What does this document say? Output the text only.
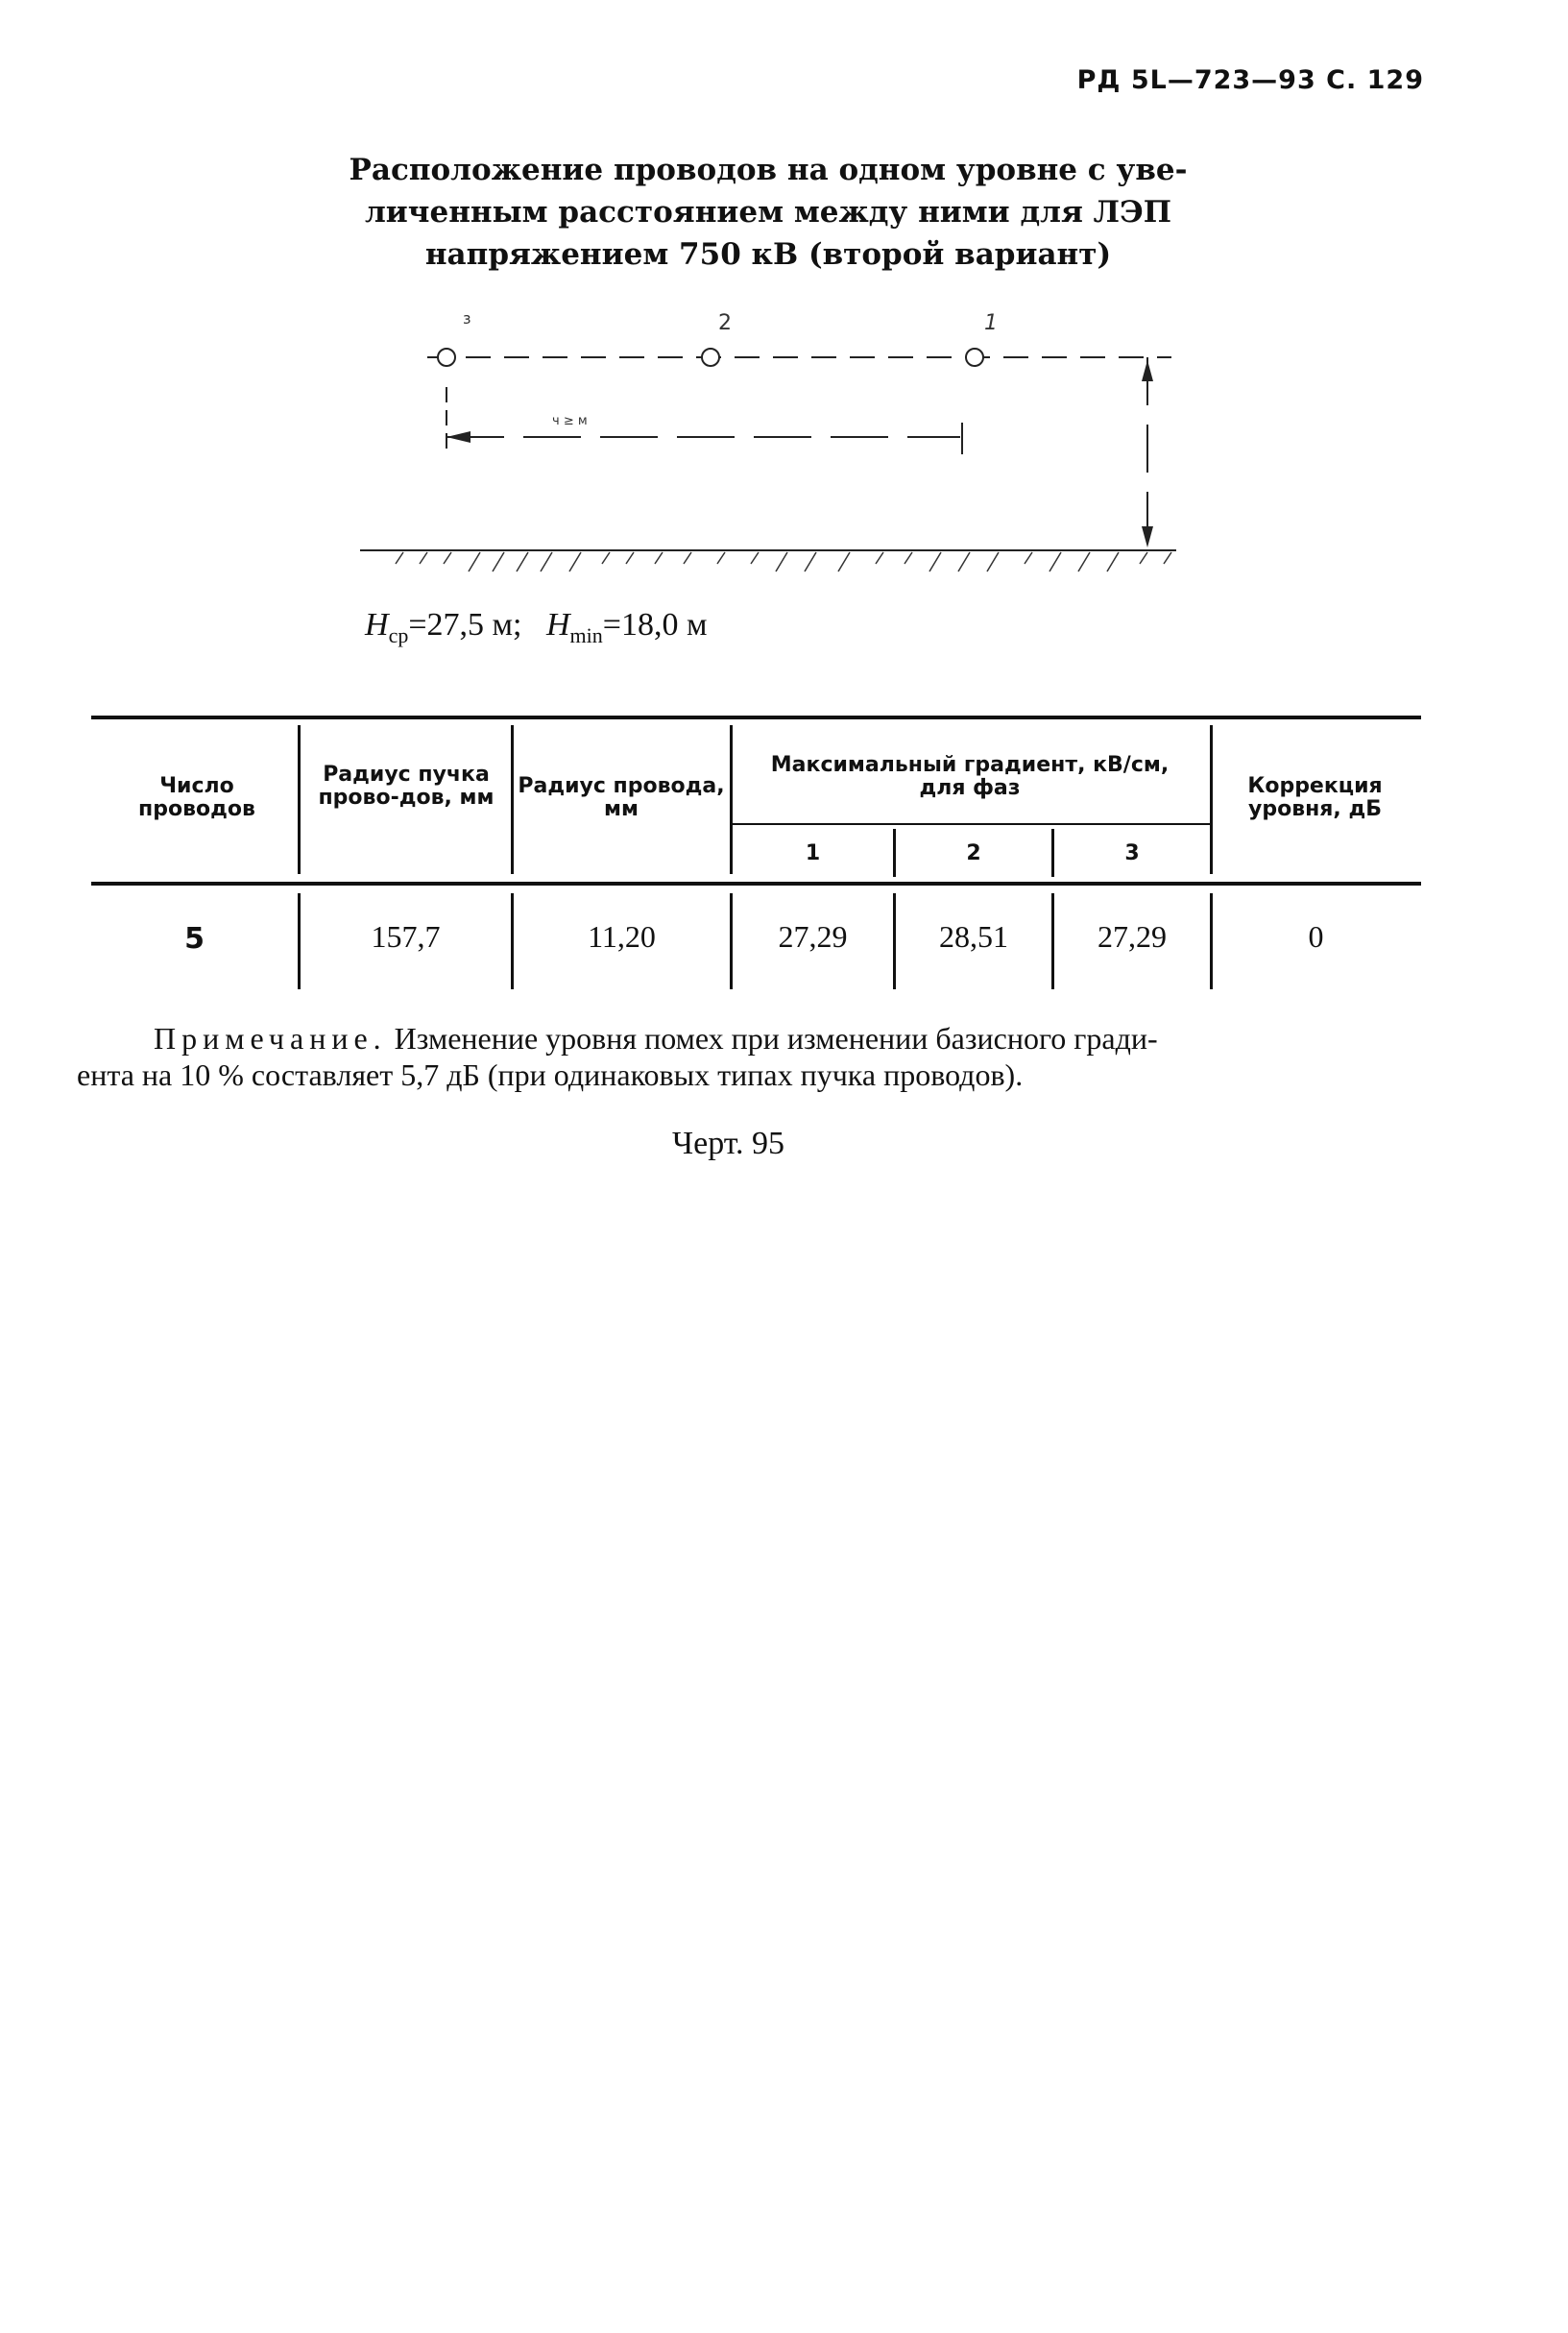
РД 5L—723—93 С. 129
Расположение проводов на одном уровне с уве-
личенным расстоянием между ними для ЛЭП
напряжением 750 кВ (второй вариант)
з	2	1
ч ≥ м
$H_{ср}=27,5$ м; $H_{min}=18,0$ м
Число проводов
Радиус пучка прово-дов, мм	Радиус провода, мм
Максимальный градиент, кВ/см, для фаз
1	2	3
Коррекция уровня, дБ
5	157,7	11,20	27,29	28,51	27,29	0
Примечание. Изменение уровня помех при изменении базисного гради-
ента на 10 % составляет 5,7 дБ (при одинаковых типах пучка проводов).
Черт. 95
